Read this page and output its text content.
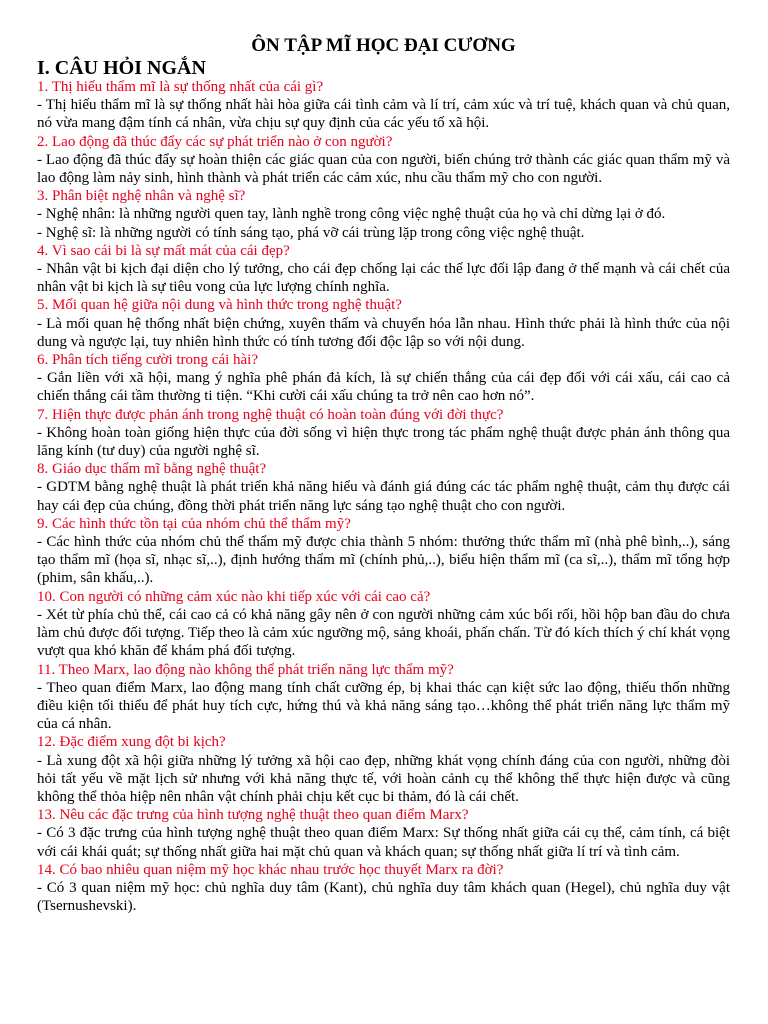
ÔN TẬP MĨ HỌC ĐẠI CƯƠNG
I. CÂU HỎI NGẮN

1. Thị hiếu thẩm mĩ là sự thống nhất của cái gì?

- Thị hiếu thẩm mĩ là sự thống nhất hài hòa giữa cái tình cảm và lí trí, cảm xúc và trí tuệ, khách quan và chủ quan, nó vừa mang đậm tính cá nhân, vừa chịu sự quy định của các yếu tố xã hội.

2. Lao động đã thúc đẩy các sự phát triển nào ở con người?

- Lao động đã thúc đẩy sự hoàn thiện các giác quan của con người, biến chúng trở thành các giác quan thẩm mỹ và lao động làm nảy sinh, hình thành và phát triển các cảm xúc, nhu cầu thẩm mỹ cho con người.

3. Phân biệt nghệ nhân và nghệ sĩ?

- Nghệ nhân: là những người quen tay, lành nghề trong công việc nghệ thuật của họ và chỉ dừng lại ở đó.

- Nghệ sĩ: là những người có tính sáng tạo, phá vỡ cái trùng lặp trong công việc nghệ thuật.

4. Vì sao cái bi là sự mất mát của cái đẹp?

- Nhân vật bi kịch đại diện cho lý tưởng, cho cái đẹp chống lại các thế lực đối lập đang ở thế mạnh và cái chết của nhân vật bi kịch là sự tiêu vong của lực lượng chính nghĩa.

5. Mối quan hệ giữa nội dung và hình thức trong nghệ thuật?

- Là mối quan hệ thống nhất biện chứng, xuyên thấm và chuyển hóa lẫn nhau. Hình thức phải là hình thức của nội dung và ngược lại, tuy nhiên hình thức có tính tương đối độc lập so với nội dung.

6. Phân tích tiếng cười trong cái hài?

- Gắn liền với xã hội, mang ý nghĩa phê phán đả kích, là sự chiến thắng của cái đẹp đối với cái xấu, cái cao cả chiến thắng cái tầm thường ti tiện. “Khi cười cái xấu chúng ta trở nên cao hơn nó”.

7. Hiện thực được phản ánh trong nghệ thuật có hoàn toàn đúng với đời thực?

- Không hoàn toàn giống hiện thực của đời sống vì hiện thực trong tác phẩm nghệ thuật được phản ánh thông qua lăng kính (tư duy) của người nghệ sĩ.

8. Giáo dục thẩm mĩ bằng nghệ thuật?

- GDTM bằng nghệ thuật là phát triển khả năng hiểu và đánh giá đúng các tác phẩm nghệ thuật, cảm thụ được cái hay cái đẹp của chúng, đồng thời phát triển năng lực sáng tạo nghệ thuật cho con người.

9. Các hình thức tồn tại của nhóm chủ thể thẩm mỹ?

- Các hình thức của nhóm chủ thể thẩm mỹ được chia thành 5 nhóm: thưởng thức thẩm mĩ (nhà phê bình,..), sáng tạo thẩm mĩ (họa sĩ, nhạc sĩ,..), định hướng thẩm mĩ (chính phủ,..), biểu hiện thẩm mĩ (ca sĩ,..), thẩm mĩ tổng hợp (phim, sân khấu,..).

10. Con người có những cảm xúc nào khi tiếp xúc với cái cao cả?

- Xét từ phía chủ thể, cái cao cả có khả năng gây nên ở con người những cảm xúc bối rối, hồi hộp ban đầu do chưa làm chủ được đối tượng. Tiếp theo là cảm xúc ngưỡng mộ, sảng khoái, phấn chấn. Từ đó kích thích ý chí khát vọng vượt qua khó khăn để khám phá đối tượng.

11. Theo Marx, lao động nào không thể phát triển năng lực thẩm mỹ?

- Theo quan điểm Marx, lao động mang tính chất cưỡng ép, bị khai thác cạn kiệt sức lao động, thiếu thốn những điều kiện tối thiểu để phát huy tích cực, hứng thú và khả năng sáng tạo…không thể phát triển năng lực thẩm mỹ của cá nhân.

12. Đặc điểm xung đột bi kịch?

- Là xung đột xã hội giữa những lý tưởng xã hội cao đẹp, những khát vọng chính đáng của con người, những đòi hỏi tất yếu về mặt lịch sử nhưng với khả năng thực tế, với hoàn cảnh cụ thể không thể thực hiện được và cũng không thể thỏa hiệp nên nhân vật chính phải chịu kết cục bi thảm, đó là cái chết.

13. Nêu các đặc trưng của hình tượng nghệ thuật theo quan điểm Marx?

- Có 3 đặc trưng của hình tượng nghệ thuật theo quan điểm Marx: Sự thống nhất giữa cái cụ thể, cảm tính, cá biệt với cái khái quát; sự thống nhất giữa hai mặt chủ quan và khách quan; sự thống nhất giữa lí trí và tình cảm.

14. Có bao nhiêu quan niệm mỹ học khác nhau trước học thuyết Marx ra đời?

- Có 3 quan niệm mỹ học: chủ nghĩa duy tâm (Kant), chủ nghĩa duy tâm khách quan (Hegel), chủ nghĩa duy vật (Tsernushevski).
